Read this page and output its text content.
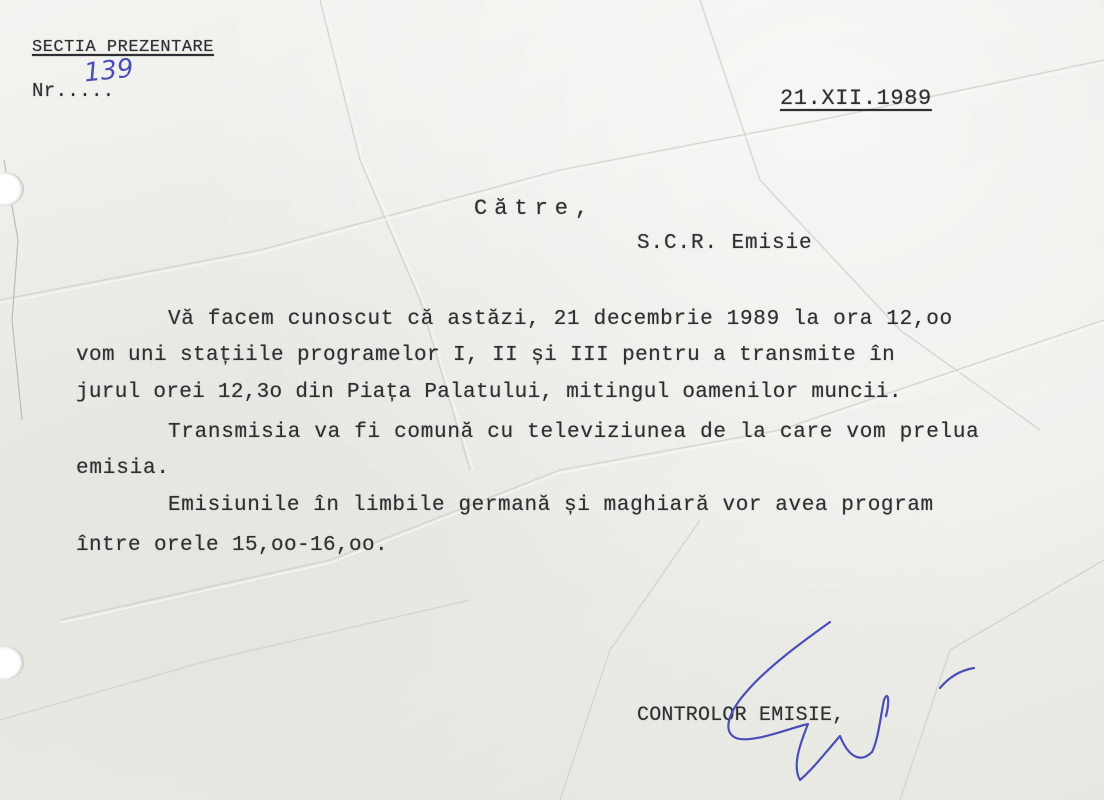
SECTIA PREZENTARE
Nr.....
139
21.XII.1989
Către,
S.C.R. Emisie
Vă facem cunoscut că astăzi, 21 decembrie 1989 la ora 12,oo
vom uni stațiile programelor I, II și III pentru a transmite în
jurul orei 12,3o din Piața Palatului, mitingul oamenilor muncii.
Transmisia va fi comună cu televiziunea de la care vom prelua
emisia.
Emisiunile în limbile germană și maghiară vor avea program
între orele 15,oo-16,oo.
CONTROLOR EMISIE,
